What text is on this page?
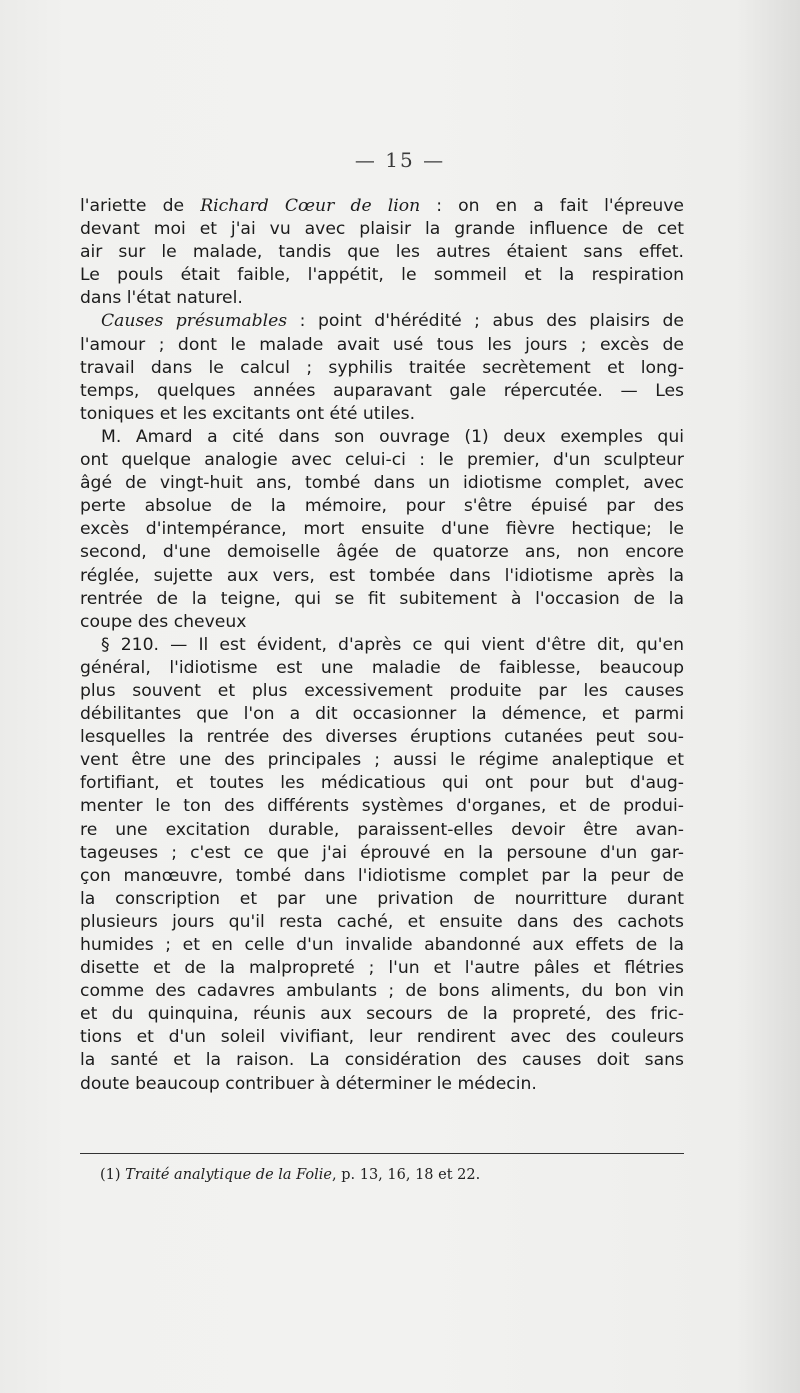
— 15 —
l'ariette de Richard Cœur de lion : on en a fait l'épreuve
devant moi et j'ai vu avec plaisir la grande influence de cet
air sur le malade, tandis que les autres étaient sans effet.
Le pouls était faible, l'appétit, le sommeil et la respiration
dans l'état naturel.
Causes présumables : point d'hérédité ; abus des plaisirs de
l'amour ; dont le malade avait usé tous les jours ; excès de
travail dans le calcul ; syphilis traitée secrètement et long-
temps, quelques années auparavant gale répercutée. — Les
toniques et les excitants ont été utiles.
M. Amard a cité dans son ouvrage (1) deux exemples qui
ont quelque analogie avec celui-ci : le premier, d'un sculpteur
âgé de vingt-huit ans, tombé dans un idiotisme complet, avec
perte absolue de la mémoire, pour s'être épuisé par des
excès d'intempérance, mort ensuite d'une fièvre hectique; le
second, d'une demoiselle âgée de quatorze ans, non encore
réglée, sujette aux vers, est tombée dans l'idiotisme après la
rentrée de la teigne, qui se fit subitement à l'occasion de la
coupe des cheveux
§ 210. — Il est évident, d'après ce qui vient d'être dit, qu'en
général, l'idiotisme est une maladie de faiblesse, beaucoup
plus souvent et plus excessivement produite par les causes
débilitantes que l'on a dit occasionner la démence, et parmi
lesquelles la rentrée des diverses éruptions cutanées peut sou-
vent être une des principales ; aussi le régime analeptique et
fortifiant, et toutes les médicatious qui ont pour but d'aug-
menter le ton des différents systèmes d'organes, et de produi-
re une excitation durable, paraissent-elles devoir être avan-
tageuses ; c'est ce que j'ai éprouvé en la persoune d'un gar-
çon manœuvre, tombé dans l'idiotisme complet par la peur de
la conscription et par une privation de nourritture durant
plusieurs jours qu'il resta caché, et ensuite dans des cachots
humides ; et en celle d'un invalide abandonné aux effets de la
disette et de la malpropreté ; l'un et l'autre pâles et flétries
comme des cadavres ambulants ; de bons aliments, du bon vin
et du quinquina, réunis aux secours de la propreté, des fric-
tions et d'un soleil vivifiant, leur rendirent avec des couleurs
la santé et la raison. La considération des causes doit sans
doute beaucoup contribuer à déterminer le médecin.
(1) Traité analytique de la Folie, p. 13, 16, 18 et 22.
